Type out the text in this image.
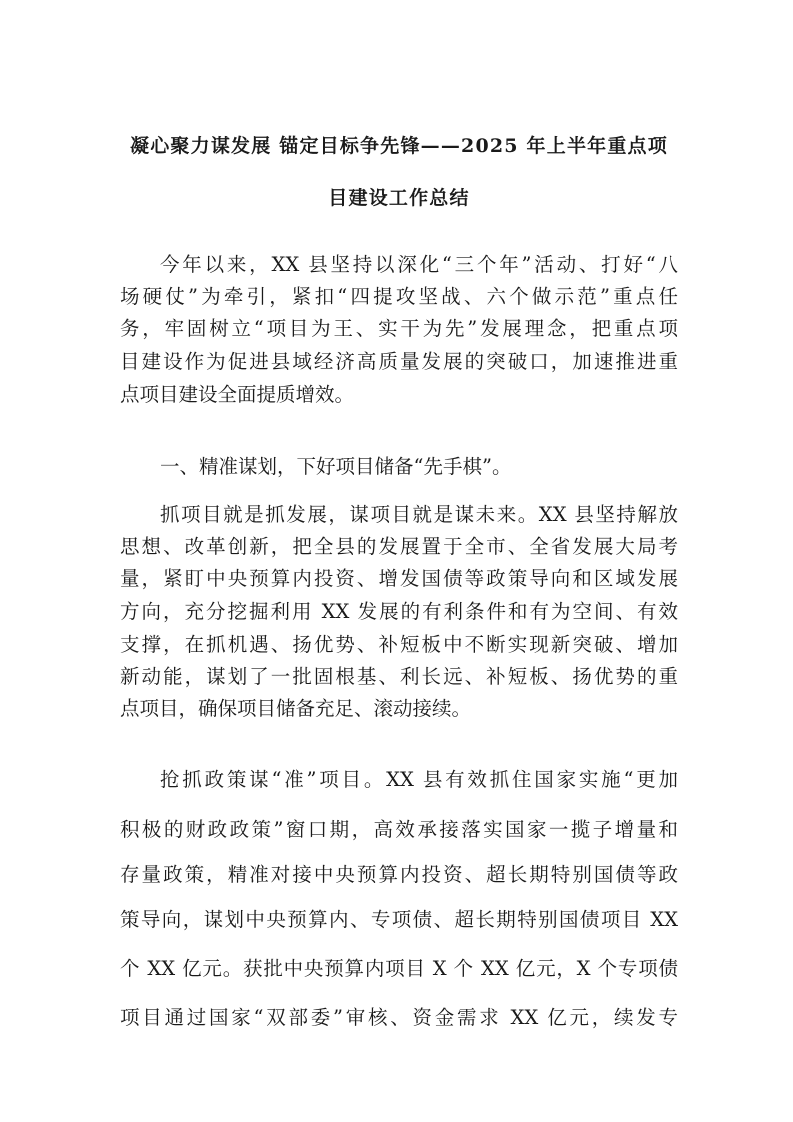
凝心聚力谋发展 锚定目标争先锋——2025 年上半年重点项
目建设工作总结
今年以来，XX 县坚持以深化“三个年”活动、打好“八
场硬仗”为牵引，紧扣“四提攻坚战、六个做示范”重点任
务，牢固树立“项目为王、实干为先”发展理念，把重点项
目建设作为促进县域经济高质量发展的突破口，加速推进重
点项目建设全面提质增效。
一、精准谋划，下好项目储备“先手棋”。
抓项目就是抓发展，谋项目就是谋未来。XX 县坚持解放
思想、改革创新，把全县的发展置于全市、全省发展大局考
量，紧盯中央预算内投资、增发国债等政策导向和区域发展
方向，充分挖掘利用 XX 发展的有利条件和有为空间、有效
支撑，在抓机遇、扬优势、补短板中不断实现新突破、增加
新动能，谋划了一批固根基、利长远、补短板、扬优势的重
点项目，确保项目储备充足、滚动接续。
抢抓政策谋“准”项目。XX 县有效抓住国家实施“更加
积极的财政政策”窗口期，高效承接落实国家一揽子增量和
存量政策，精准对接中央预算内投资、超长期特别国债等政
策导向，谋划中央预算内、专项债、超长期特别国债项目 XX
个 XX 亿元。获批中央预算内项目 X 个 XX 亿元，X 个专项债
项目通过国家“双部委”审核、资金需求 XX 亿元，续发专
